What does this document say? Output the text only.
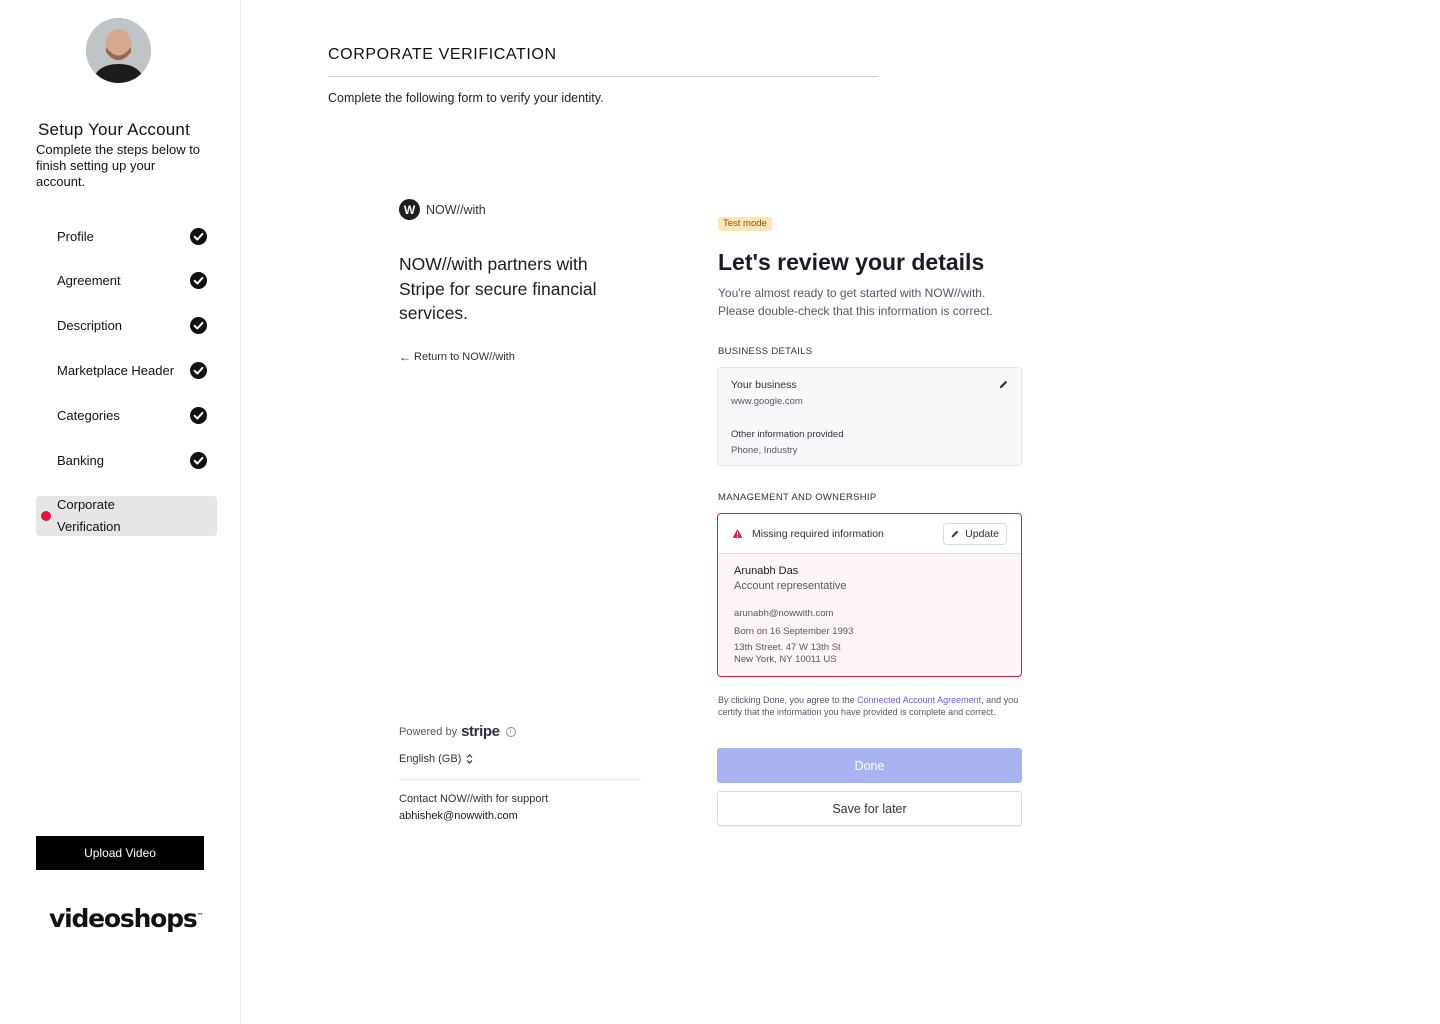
Setup Your Account
Complete the steps below to finish setting up your account.
Profile
Agreement
Description
Marketplace Header
Categories
Banking
Corporate Verification
Upload Video
videoshops™
CORPORATE VERIFICATION

Complete the following form to verify your identity.

W NOW//with
NOW//with partners with Stripe for secure financial services.
← Return to NOW//with
Powered by stripe	i
English (GB)
Contact NOW//with for support
abhishek@nowwith.com
Test mode
Let's review your details

You're almost ready to get started with NOW//with. Please double-check that this information is correct.

BUSINESS DETAILS
Your business
www.google.com
Other information provided
Phone, Industry
MANAGEMENT AND OWNERSHIP
Missing required information	Update
Arunabh Das
Account representative
arunabh@nowwith.com
Born on 16 September 1993
13th Street. 47 W 13th St
New York, NY 10011 US

By clicking Done, you agree to the Connected Account Agreement, and you certify that the information you have provided is complete and correct.

Done
Save for later
